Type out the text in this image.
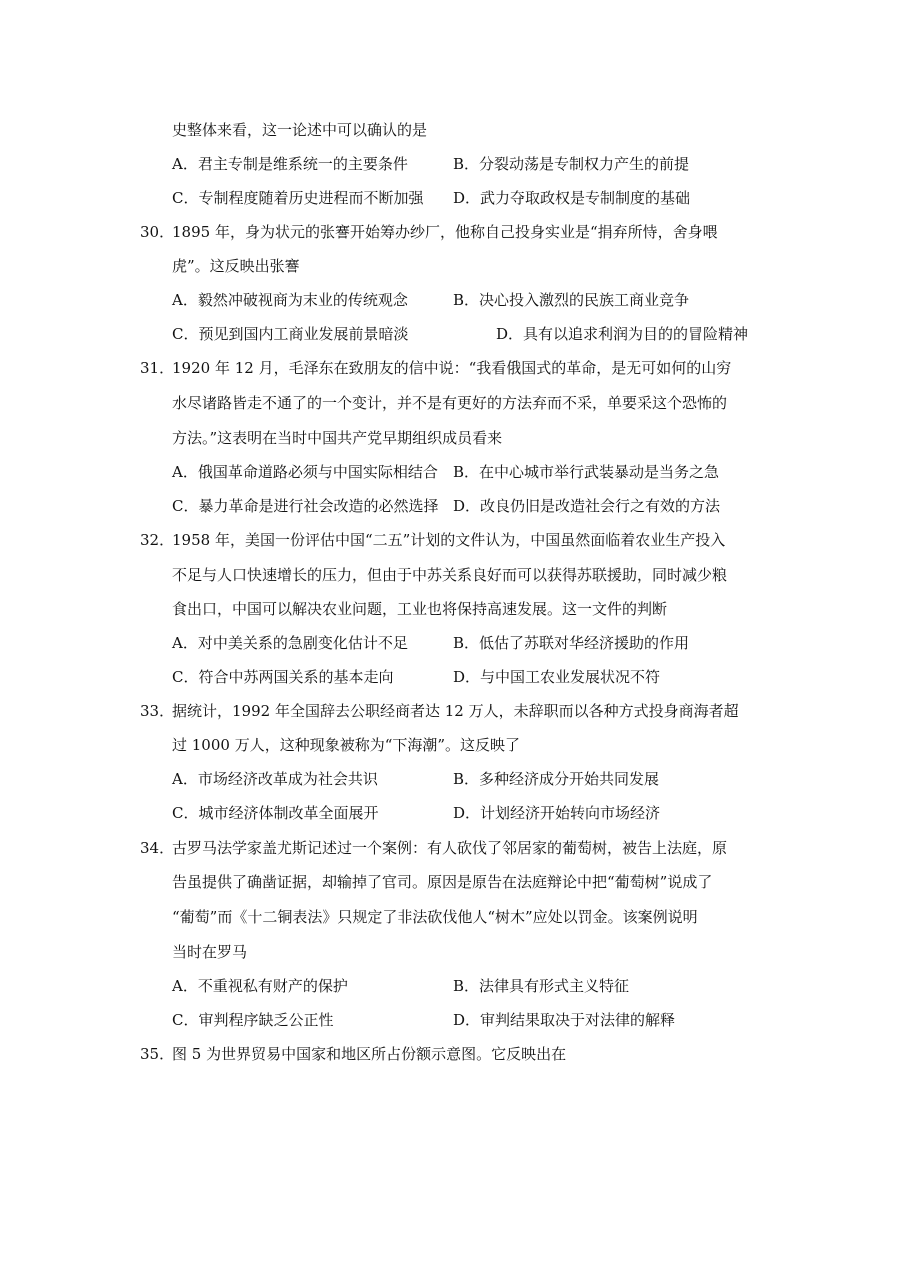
史整体来看，这一论述中可以确认的是
A．君主专制是维系统一的主要条件	B．分裂动荡是专制权力产生的前提
C．专制程度随着历史进程而不断加强 D．武力夺取政权是专制制度的基础
30．
1895 年，身为状元的张謇开始筹办纱厂，他称自己投身实业是“捐弃所恃，舍身喂
虎”。这反映出张謇
A．毅然冲破视商为末业的传统观念	B．决心投入激烈的民族工商业竞争
C．预见到国内工商业发展前景暗淡	D．具有以追求利润为目的的冒险精神
31．
1920 年 12 月，毛泽东在致朋友的信中说：“我看俄国式的革命，是无可如何的山穷
水尽诸路皆走不通了的一个变计，并不是有更好的方法弃而不采，单要采这个恐怖的
方法。”这表明在当时中国共产党早期组织成员看来
A．俄国革命道路必须与中国实际相结合 B．在中心城市举行武装暴动是当务之急
C．暴力革命是进行社会改造的必然选择 D．改良仍旧是改造社会行之有效的方法
32．
1958 年，美国一份评估中国“二五”计划的文件认为，中国虽然面临着农业生产投入
不足与人口快速增长的压力，但由于中苏关系良好而可以获得苏联援助，同时减少粮
食出口，中国可以解决农业问题，工业也将保持高速发展。这一文件的判断
A．对中美关系的急剧变化估计不足	B．低估了苏联对华经济援助的作用
C．符合中苏两国关系的基本走向	D．与中国工农业发展状况不符
33．
据统计，1992 年全国辞去公职经商者达 12 万人，未辞职而以各种方式投身商海者超
过 1000 万人，这种现象被称为“下海潮”。这反映了
A．市场经济改革成为社会共识	B．多种经济成分开始共同发展
C．城市经济体制改革全面展开	D．计划经济开始转向市场经济
34．
古罗马法学家盖尤斯记述过一个案例：有人砍伐了邻居家的葡萄树，被告上法庭，原
告虽提供了确凿证据，却输掉了官司。原因是原告在法庭辩论中把“葡萄树”说成了
“葡萄”而《十二铜表法》只规定了非法砍伐他人“树木”应处以罚金。该案例说明
当时在罗马
A．不重视私有财产的保护	B．法律具有形式主义特征
C．审判程序缺乏公正性	D．审判结果取决于对法律的解释
35．
图 5 为世界贸易中国家和地区所占份额示意图。它反映出在
